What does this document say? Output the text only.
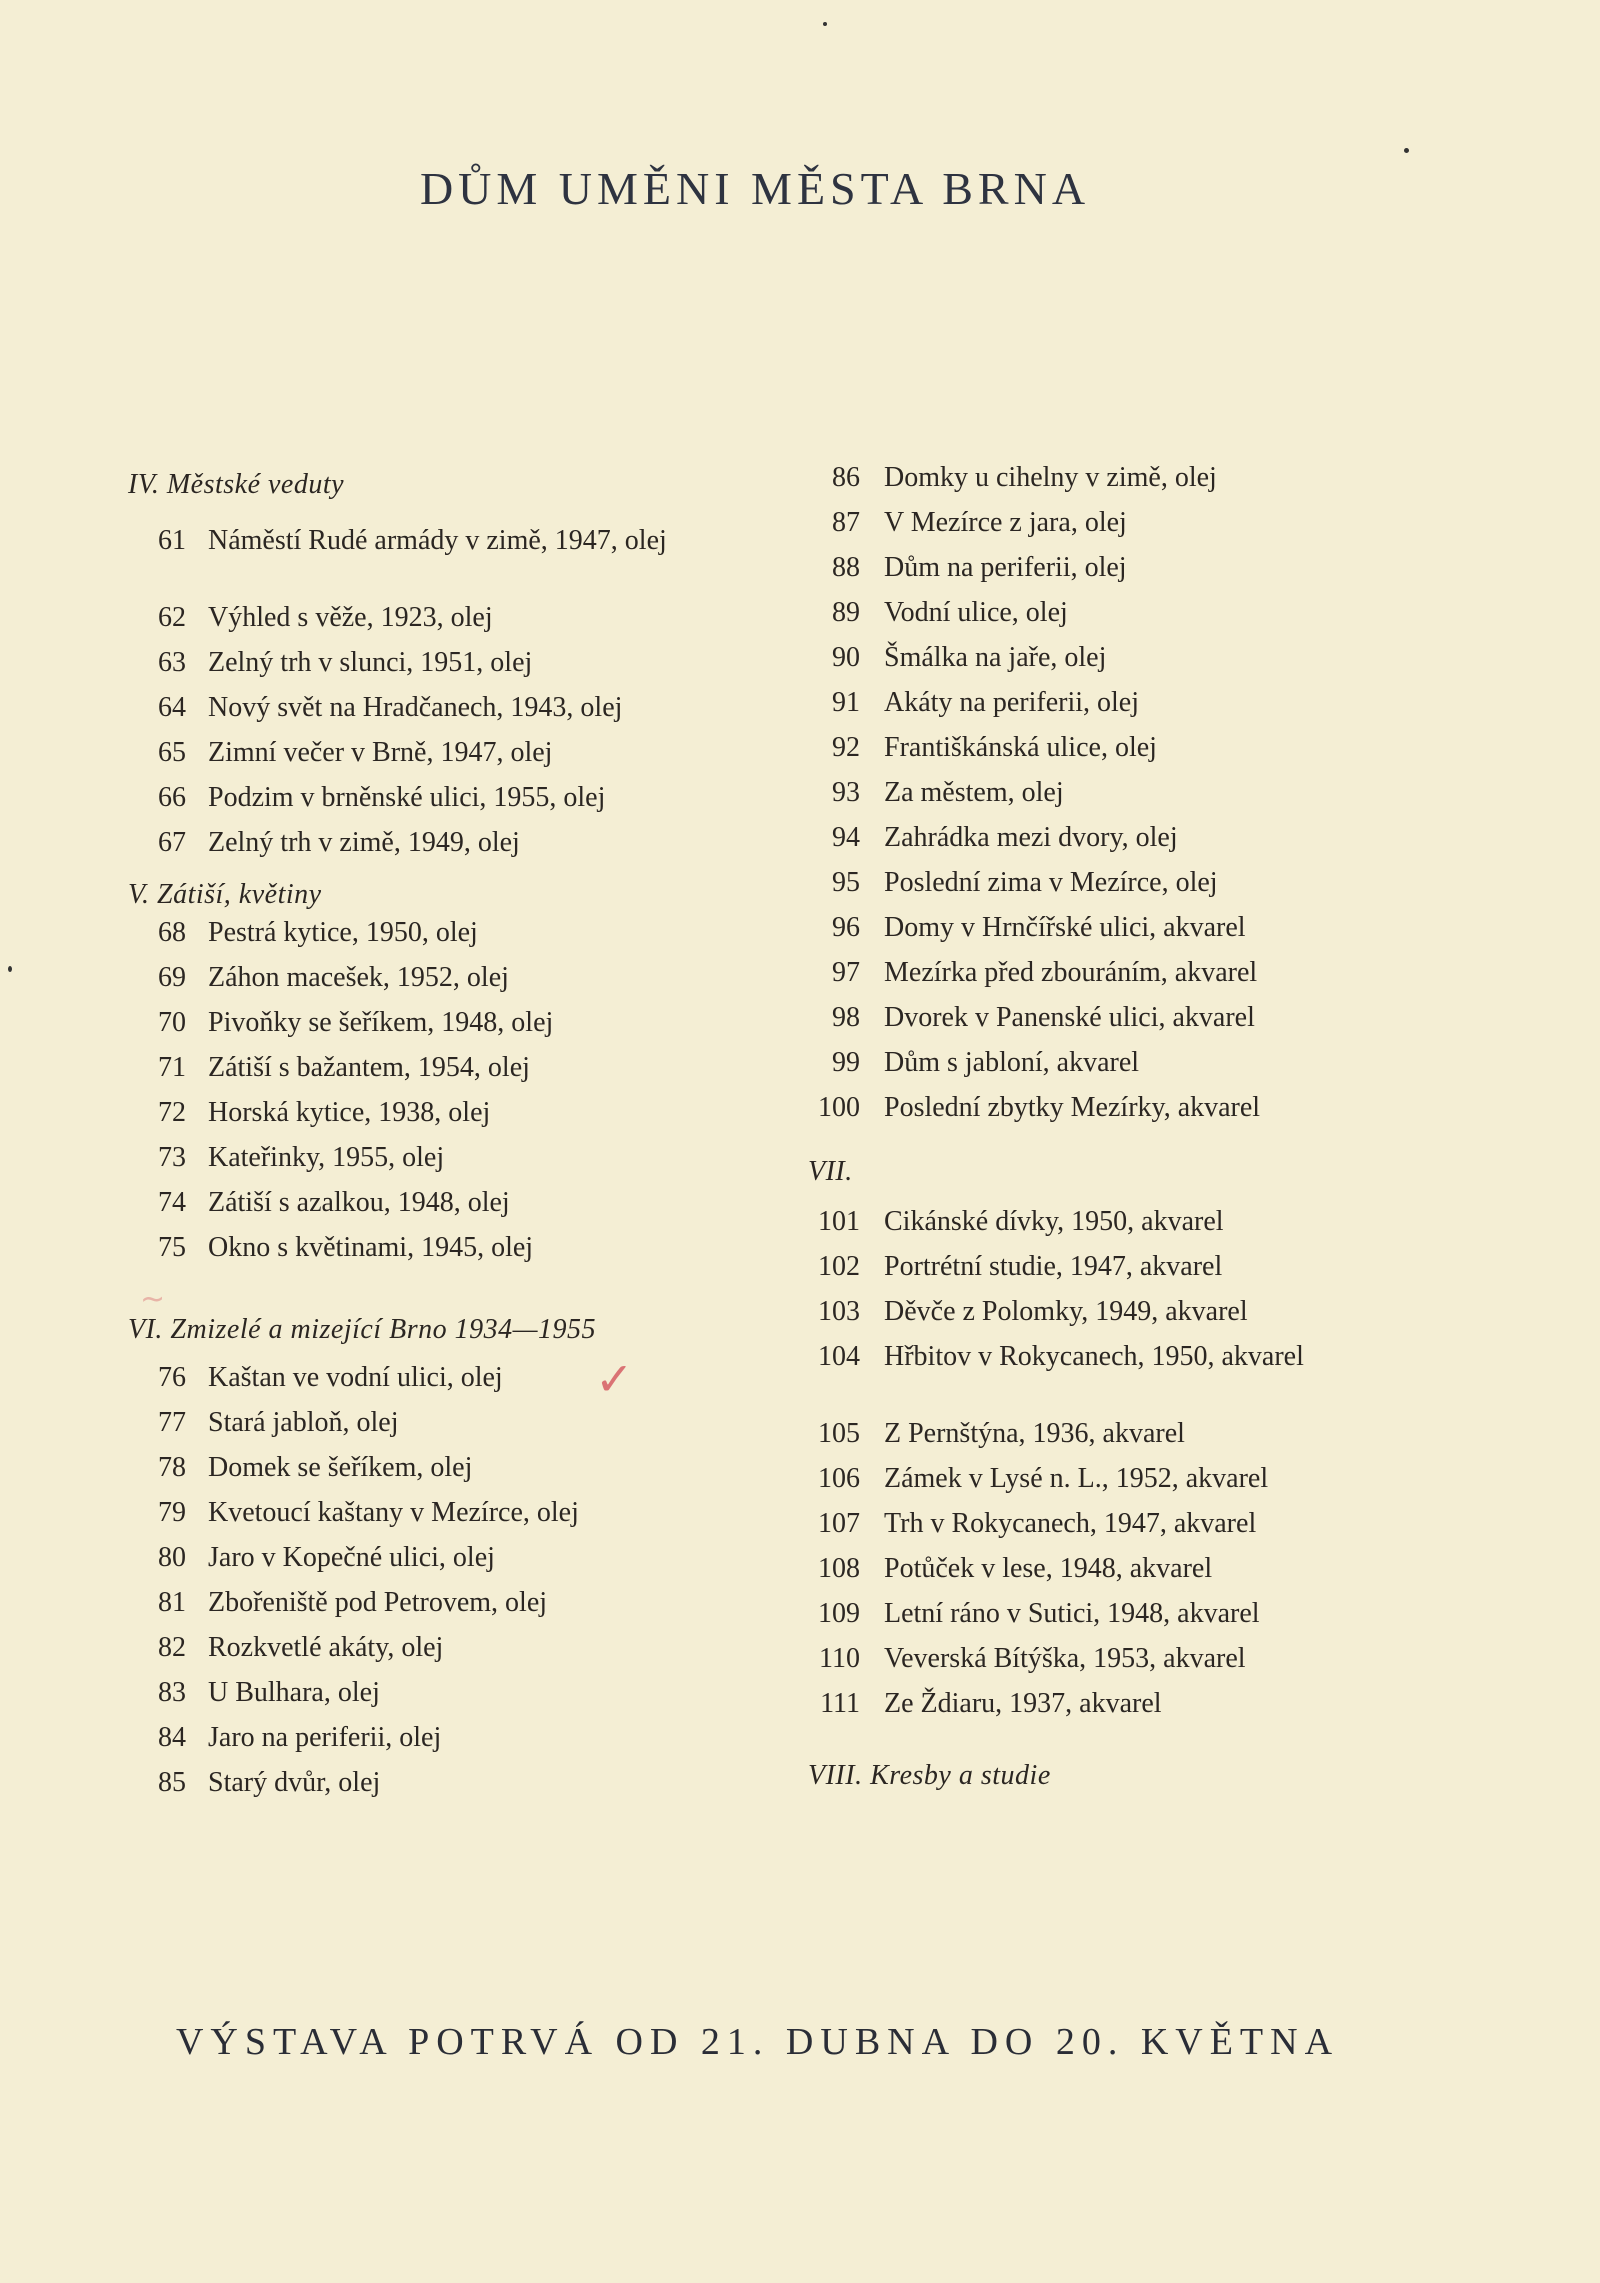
DŮM UMĚNI MĚSTA BRNA
IV. Městské veduty
61 Náměstí Rudé armády v zimě, 1947, olej
62 Výhled s věže, 1923, olej
63 Zelný trh v slunci, 1951, olej
64 Nový svět na Hradčanech, 1943, olej
65 Zimní večer v Brně, 1947, olej
66 Podzim v brněnské ulici, 1955, olej
67 Zelný trh v zimě, 1949, olej
V. Zátiší, květiny
68 Pestrá kytice, 1950, olej
69 Záhon macešek, 1952, olej
70 Pivoňky se šeříkem, 1948, olej
71 Zátiší s bažantem, 1954, olej
72 Horská kytice, 1938, olej
73 Kateřinky, 1955, olej
74 Zátiší s azalkou, 1948, olej
75 Okno s květinami, 1945, olej
VI. Zmizelé a mizející Brno 1934—1955
76 Kaštan ve vodní ulici, olej
77 Stará jabloň, olej
78 Domek se šeříkem, olej
79 Kvetoucí kaštany v Mezírce, olej
80 Jaro v Kopečné ulici, olej
81 Zbořeniště pod Petrovem, olej
82 Rozkvetlé akáty, olej
83 U Bulhara, olej
84 Jaro na periferii, olej
85 Starý dvůr, olej
86 Domky u cihelny v zimě, olej
87 V Mezírce z jara, olej
88 Dům na periferii, olej
89 Vodní ulice, olej
90 Šmálka na jaře, olej
91 Akáty na periferii, olej
92 Františkánská ulice, olej
93 Za městem, olej
94 Zahrádka mezi dvory, olej
95 Poslední zima v Mezírce, olej
96 Domy v Hrnčířské ulici, akvarel
97 Mezírka před zbouráním, akvarel
98 Dvorek v Panenské ulici, akvarel
99 Dům s jabloní, akvarel
100 Poslední zbytky Mezírky, akvarel
VII.
101 Cikánské dívky, 1950, akvarel
102 Portrétní studie, 1947, akvarel
103 Děvče z Polomky, 1949, akvarel
104 Hřbitov v Rokycanech, 1950, akvarel
105 Z Pernštýna, 1936, akvarel
106 Zámek v Lysé n. L., 1952, akvarel
107 Trh v Rokycanech, 1947, akvarel
108 Potůček v lese, 1948, akvarel
109 Letní ráno v Sutici, 1948, akvarel
110 Veverská Bítýška, 1953, akvarel
111 Ze Ždiaru, 1937, akvarel
VIII. Kresby a studie
✓
~
VÝSTAVA POTRVÁ OD 21. DUBNA DO 20. KVĚTNA
